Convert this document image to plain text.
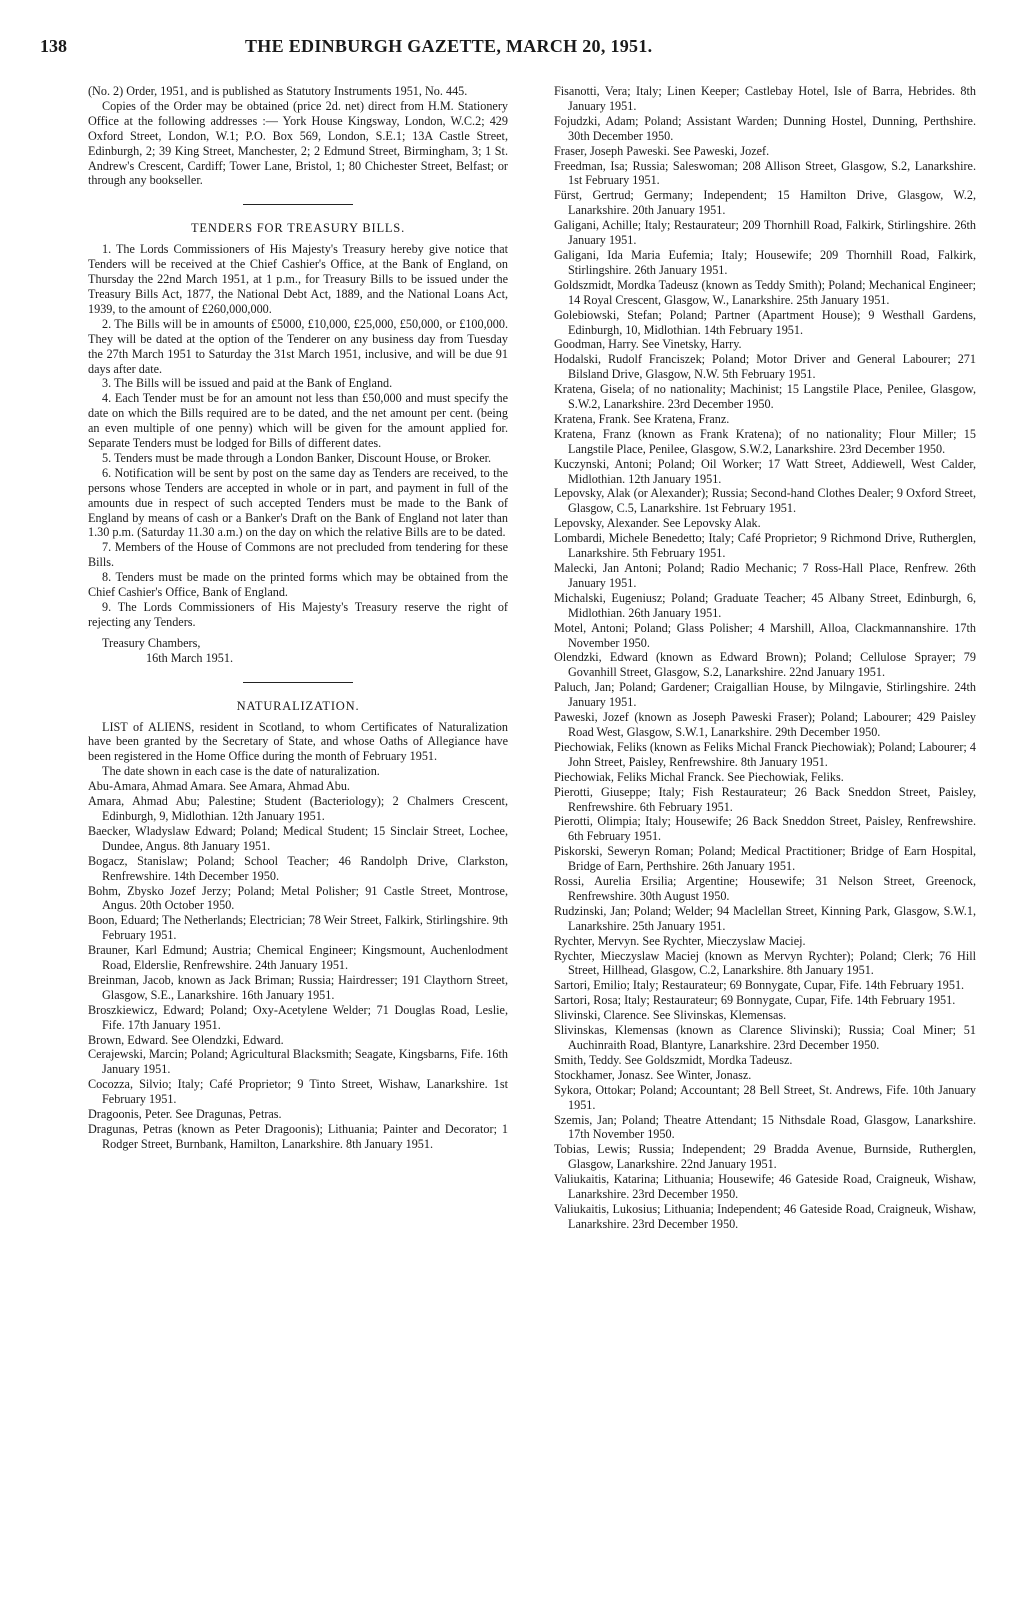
138	THE EDINBURGH GAZETTE, MARCH 20, 1951.

(No. 2) Order, 1951, and is published as Statutory Instruments 1951, No. 445.

Copies of the Order may be obtained (price 2d. net) direct from H.M. Stationery Office at the following addresses :— York House Kingsway, London, W.C.2; 429 Oxford Street, London, W.1; P.O. Box 569, London, S.E.1; 13A Castle Street, Edinburgh, 2; 39 King Street, Manchester, 2; 2 Edmund Street, Birmingham, 3; 1 St. Andrew's Crescent, Cardiff; Tower Lane, Bristol, 1; 80 Chichester Street, Belfast; or through any bookseller.

TENDERS FOR TREASURY BILLS.

1. The Lords Commissioners of His Majesty's Treasury hereby give notice that Tenders will be received at the Chief Cashier's Office, at the Bank of England, on Thursday the 22nd March 1951, at 1 p.m., for Treasury Bills to be issued under the Treasury Bills Act, 1877, the National Debt Act, 1889, and the National Loans Act, 1939, to the amount of £260,000,000.

2. The Bills will be in amounts of £5000, £10,000, £25,000, £50,000, or £100,000. They will be dated at the option of the Tenderer on any business day from Tuesday the 27th March 1951 to Saturday the 31st March 1951, inclusive, and will be due 91 days after date.

3. The Bills will be issued and paid at the Bank of England.

4. Each Tender must be for an amount not less than £50,000 and must specify the date on which the Bills required are to be dated, and the net amount per cent. (being an even multiple of one penny) which will be given for the amount applied for. Separate Tenders must be lodged for Bills of different dates.

5. Tenders must be made through a London Banker, Discount House, or Broker.

6. Notification will be sent by post on the same day as Tenders are received, to the persons whose Tenders are accepted in whole or in part, and payment in full of the amounts due in respect of such accepted Tenders must be made to the Bank of England by means of cash or a Banker's Draft on the Bank of England not later than 1.30 p.m. (Saturday 11.30 a.m.) on the day on which the relative Bills are to be dated.

7. Members of the House of Commons are not precluded from tendering for these Bills.

8. Tenders must be made on the printed forms which may be obtained from the Chief Cashier's Office, Bank of England.

9. The Lords Commissioners of His Majesty's Treasury reserve the right of rejecting any Tenders.

Treasury Chambers,
16th March 1951.
NATURALIZATION.

LIST of ALIENS, resident in Scotland, to whom Certificates of Naturalization have been granted by the Secretary of State, and whose Oaths of Allegiance have been registered in the Home Office during the month of February 1951.

The date shown in each case is the date of naturalization.

Abu-Amara, Ahmad Amara. See Amara, Ahmad Abu.

Amara, Ahmad Abu; Palestine; Student (Bacteriology); 2 Chalmers Crescent, Edinburgh, 9, Midlothian. 12th January 1951.

Baecker, Wladyslaw Edward; Poland; Medical Student; 15 Sinclair Street, Lochee, Dundee, Angus. 8th January 1951.

Bogacz, Stanislaw; Poland; School Teacher; 46 Randolph Drive, Clarkston, Renfrewshire. 14th December 1950.

Bohm, Zbysko Jozef Jerzy; Poland; Metal Polisher; 91 Castle Street, Montrose, Angus. 20th October 1950.

Boon, Eduard; The Netherlands; Electrician; 78 Weir Street, Falkirk, Stirlingshire. 9th February 1951.

Brauner, Karl Edmund; Austria; Chemical Engineer; Kingsmount, Auchenlodment Road, Elderslie, Renfrewshire. 24th January 1951.

Breinman, Jacob, known as Jack Briman; Russia; Hairdresser; 191 Claythorn Street, Glasgow, S.E., Lanarkshire. 16th January 1951.

Broszkiewicz, Edward; Poland; Oxy-Acetylene Welder; 71 Douglas Road, Leslie, Fife. 17th January 1951.

Brown, Edward. See Olendzki, Edward.

Cerajewski, Marcin; Poland; Agricultural Blacksmith; Seagate, Kingsbarns, Fife. 16th January 1951.

Cocozza, Silvio; Italy; Café Proprietor; 9 Tinto Street, Wishaw, Lanarkshire. 1st February 1951.

Dragoonis, Peter. See Dragunas, Petras.

Dragunas, Petras (known as Peter Dragoonis); Lithuania; Painter and Decorator; 1 Rodger Street, Burnbank, Hamilton, Lanarkshire. 8th January 1951.

Fisanotti, Vera; Italy; Linen Keeper; Castlebay Hotel, Isle of Barra, Hebrides. 8th January 1951.

Fojudzki, Adam; Poland; Assistant Warden; Dunning Hostel, Dunning, Perthshire. 30th December 1950.

Fraser, Joseph Paweski. See Paweski, Jozef.

Freedman, Isa; Russia; Saleswoman; 208 Allison Street, Glasgow, S.2, Lanarkshire. 1st February 1951.

Fürst, Gertrud; Germany; Independent; 15 Hamilton Drive, Glasgow, W.2, Lanarkshire. 20th January 1951.

Galigani, Achille; Italy; Restaurateur; 209 Thornhill Road, Falkirk, Stirlingshire. 26th January 1951.

Galigani, Ida Maria Eufemia; Italy; Housewife; 209 Thornhill Road, Falkirk, Stirlingshire. 26th January 1951.

Goldszmidt, Mordka Tadeusz (known as Teddy Smith); Poland; Mechanical Engineer; 14 Royal Crescent, Glasgow, W., Lanarkshire. 25th January 1951.

Golebiowski, Stefan; Poland; Partner (Apartment House); 9 Westhall Gardens, Edinburgh, 10, Midlothian. 14th February 1951.

Goodman, Harry. See Vinetsky, Harry.

Hodalski, Rudolf Franciszek; Poland; Motor Driver and General Labourer; 271 Bilsland Drive, Glasgow, N.W. 5th February 1951.

Kratena, Gisela; of no nationality; Machinist; 15 Langstile Place, Penilee, Glasgow, S.W.2, Lanarkshire. 23rd December 1950.

Kratena, Frank. See Kratena, Franz.

Kratena, Franz (known as Frank Kratena); of no nationality; Flour Miller; 15 Langstile Place, Penilee, Glasgow, S.W.2, Lanarkshire. 23rd December 1950.

Kuczynski, Antoni; Poland; Oil Worker; 17 Watt Street, Addiewell, West Calder, Midlothian. 12th January 1951.

Lepovsky, Alak (or Alexander); Russia; Second-hand Clothes Dealer; 9 Oxford Street, Glasgow, C.5, Lanarkshire. 1st February 1951.

Lepovsky, Alexander. See Lepovsky Alak.

Lombardi, Michele Benedetto; Italy; Café Proprietor; 9 Richmond Drive, Rutherglen, Lanarkshire. 5th February 1951.

Malecki, Jan Antoni; Poland; Radio Mechanic; 7 Ross-Hall Place, Renfrew. 26th January 1951.

Michalski, Eugeniusz; Poland; Graduate Teacher; 45 Albany Street, Edinburgh, 6, Midlothian. 26th January 1951.

Motel, Antoni; Poland; Glass Polisher; 4 Marshill, Alloa, Clackmannanshire. 17th November 1950.

Olendzki, Edward (known as Edward Brown); Poland; Cellulose Sprayer; 79 Govanhill Street, Glasgow, S.2, Lanarkshire. 22nd January 1951.

Paluch, Jan; Poland; Gardener; Craigallian House, by Milngavie, Stirlingshire. 24th January 1951.

Paweski, Jozef (known as Joseph Paweski Fraser); Poland; Labourer; 429 Paisley Road West, Glasgow, S.W.1, Lanarkshire. 29th December 1950.

Piechowiak, Feliks (known as Feliks Michal Franck Piechowiak); Poland; Labourer; 4 John Street, Paisley, Renfrewshire. 8th January 1951.

Piechowiak, Feliks Michal Franck. See Piechowiak, Feliks.

Pierotti, Giuseppe; Italy; Fish Restaurateur; 26 Back Sneddon Street, Paisley, Renfrewshire. 6th February 1951.

Pierotti, Olimpia; Italy; Housewife; 26 Back Sneddon Street, Paisley, Renfrewshire. 6th February 1951.

Piskorski, Seweryn Roman; Poland; Medical Practitioner; Bridge of Earn Hospital, Bridge of Earn, Perthshire. 26th January 1951.

Rossi, Aurelia Ersilia; Argentine; Housewife; 31 Nelson Street, Greenock, Renfrewshire. 30th August 1950.

Rudzinski, Jan; Poland; Welder; 94 Maclellan Street, Kinning Park, Glasgow, S.W.1, Lanarkshire. 25th January 1951.

Rychter, Mervyn. See Rychter, Mieczyslaw Maciej.

Rychter, Mieczyslaw Maciej (known as Mervyn Rychter); Poland; Clerk; 76 Hill Street, Hillhead, Glasgow, C.2, Lanarkshire. 8th January 1951.

Sartori, Emilio; Italy; Restaurateur; 69 Bonnygate, Cupar, Fife. 14th February 1951.

Sartori, Rosa; Italy; Restaurateur; 69 Bonnygate, Cupar, Fife. 14th February 1951.

Slivinski, Clarence. See Slivinskas, Klemensas.

Slivinskas, Klemensas (known as Clarence Slivinski); Russia; Coal Miner; 51 Auchinraith Road, Blantyre, Lanarkshire. 23rd December 1950.

Smith, Teddy. See Goldszmidt, Mordka Tadeusz.

Stockhamer, Jonasz. See Winter, Jonasz.

Sykora, Ottokar; Poland; Accountant; 28 Bell Street, St. Andrews, Fife. 10th January 1951.

Szemis, Jan; Poland; Theatre Attendant; 15 Nithsdale Road, Glasgow, Lanarkshire. 17th November 1950.

Tobias, Lewis; Russia; Independent; 29 Bradda Avenue, Burnside, Rutherglen, Glasgow, Lanarkshire. 22nd January 1951.

Valiukaitis, Katarina; Lithuania; Housewife; 46 Gateside Road, Craigneuk, Wishaw, Lanarkshire. 23rd December 1950.

Valiukaitis, Lukosius; Lithuania; Independent; 46 Gateside Road, Craigneuk, Wishaw, Lanarkshire. 23rd December 1950.
